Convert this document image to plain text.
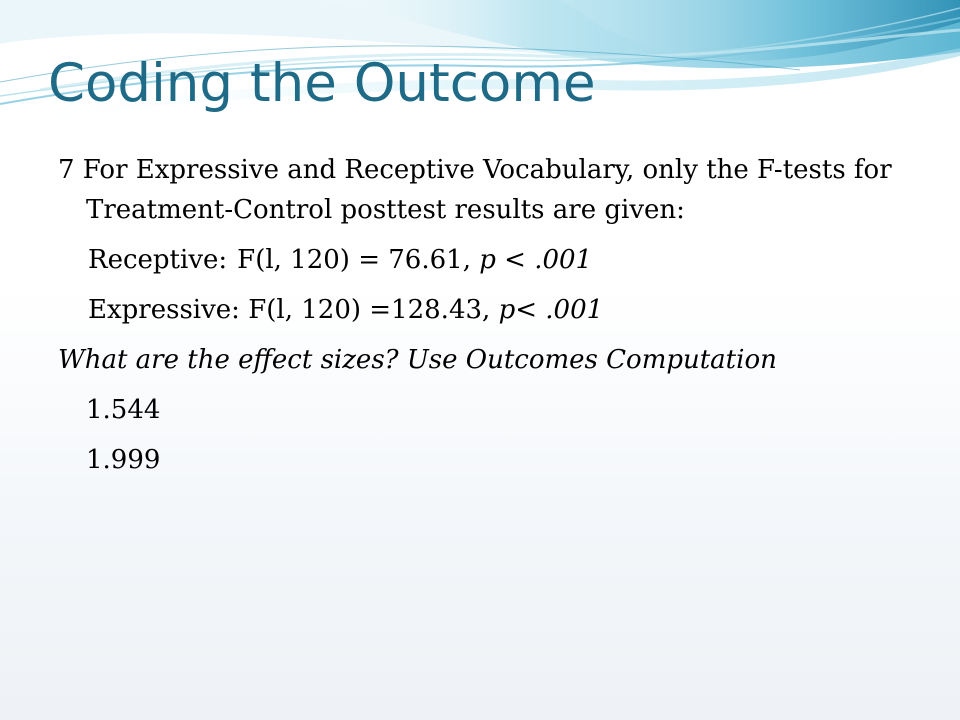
Coding the Outcome

7 For Expressive and Receptive Vocabulary, only the F-tests for Treatment-Control posttest results are given:

Receptive: F(l, 120) = 76.61, p < .001

Expressive: F(l, 120) =128.43, p< .001

What are the effect sizes? Use Outcomes Computation

1.544

1.999
